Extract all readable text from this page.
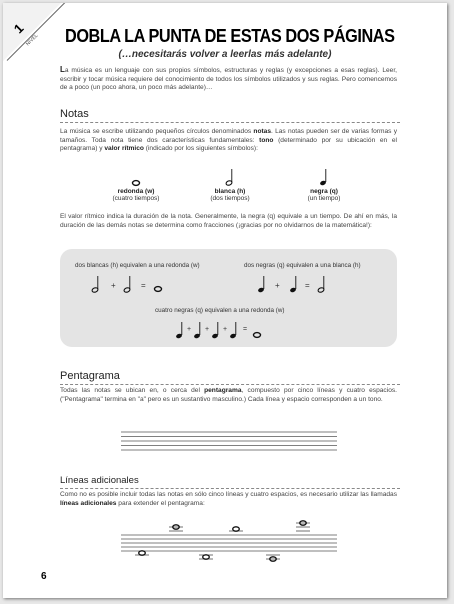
1
NIVEL DOBLA LA PUNTA DE ESTAS DOS PÁGINAS
(…necesitarás volver a leerlas más adelante)
La música es un lenguaje con sus propios símbolos, estructuras y reglas (y excepciones a esas reglas). Leer, escribir y tocar música requiere del conocimiento de todos los símbolos utilizados y sus reglas. Pero comencemos de a poco (un poco ahora, un poco más adelante)…
Notas
La música se escribe utilizando pequeños círculos denominados notas. Las notas pueden ser de varias formas y tamaños. Toda nota tiene dos características fundamentales: tono (determinado por su ubicación en el pentagrama) y valor rítmico (indicado por los siguientes símbolos):
redonda (w)
(cuatro tiempos)
blanca (h)
(dos tiempos)
negra (q)
(un tiempo)
El valor rítmico indica la duración de la nota. Generalmente, la negra (q) equivale a un tiempo. De ahí en más, la duración de las demás notas se determina como fracciones (¡gracias por no olvidarnos de la matemática!):
dos blancas (h) equivalen a una redonda (w)	dos negras (q) equivalen a una blanca (h)
cuatro negras (q) equivalen a una redonda (w)
+	=	+	=
+ + + =
Pentagrama
Todas las notas se ubican en, o cerca del pentagrama, compuesto por cinco líneas y cuatro espacios. ("Pentagrama" termina en "a" pero es un sustantivo masculino.) Cada línea y espacio corresponden a un tono.
Líneas adicionales
Como no es posible incluir todas las notas en sólo cinco líneas y cuatro espacios, es necesario utilizar las llamadas líneas adicionales para extender el pentagrama:
6
